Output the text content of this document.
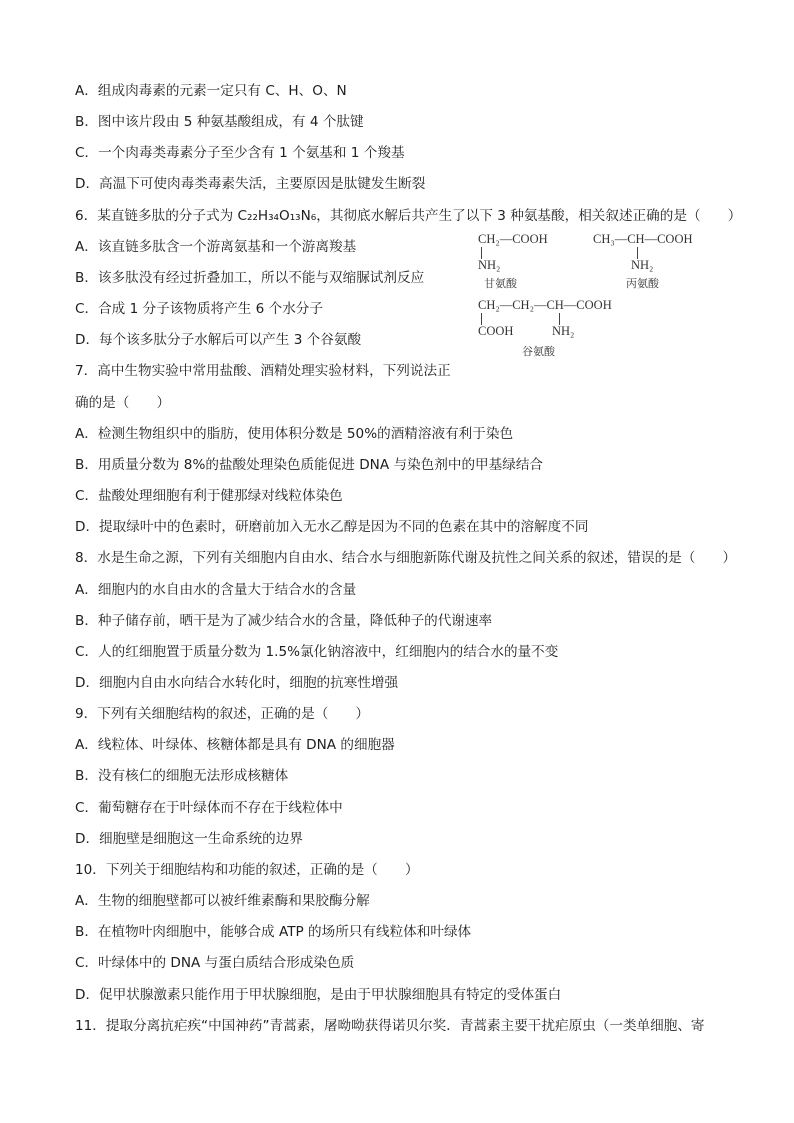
A．组成肉毒素的元素一定只有 C、H、O、N
B．图中该片段由 5 种氨基酸组成，有 4 个肽键
C．一个肉毒类毒素分子至少含有 1 个氨基和 1 个羧基
D．高温下可使肉毒类毒素失活，主要原因是肽键发生断裂
6．某直链多肽的分子式为 C₂₂H₃₄O₁₃N₆，其彻底水解后共产生了以下 3 种氨基酸，相关叙述正确的是（　　）
A．该直链多肽含一个游离氨基和一个游离羧基
B．该多肽没有经过折叠加工，所以不能与双缩脲试剂反应
C．合成 1 分子该物质将产生 6 个水分子
D．每个该多肽分子水解后可以产生 3 个谷氨酸
7．高中生物实验中常用盐酸、酒精处理实验材料，下列说法正
确的是（　　）
A．检测生物组织中的脂肪，使用体积分数是 50%的酒精溶液有利于染色
B．用质量分数为 8%的盐酸处理染色质能促进 DNA 与染色剂中的甲基绿结合
C．盐酸处理细胞有利于健那绿对线粒体染色
D．提取绿叶中的色素时，研磨前加入无水乙醇是因为不同的色素在其中的溶解度不同
8．水是生命之源，下列有关细胞内自由水、结合水与细胞新陈代谢及抗性之间关系的叙述，错误的是（　　）
A．细胞内的水自由水的含量大于结合水的含量
B．种子储存前，晒干是为了减少结合水的含量，降低种子的代谢速率
C．人的红细胞置于质量分数为 1.5%氯化钠溶液中，红细胞内的结合水的量不变
D．细胞内自由水向结合水转化时，细胞的抗寒性增强
9．下列有关细胞结构的叙述，正确的是（　　）
A．线粒体、叶绿体、核糖体都是具有 DNA 的细胞器
B．没有核仁的细胞无法形成核糖体
C．葡萄糖存在于叶绿体而不存在于线粒体中
D．细胞壁是细胞这一生命系统的边界
10．下列关于细胞结构和功能的叙述，正确的是（　　）
A．生物的细胞壁都可以被纤维素酶和果胶酶分解
B．在植物叶肉细胞中，能够合成 ATP 的场所只有线粒体和叶绿体
C．叶绿体中的 DNA 与蛋白质结合形成染色质
D．促甲状腺激素只能作用于甲状腺细胞，是由于甲状腺细胞具有特定的受体蛋白
11．提取分离抗疟疾“中国神药”青蒿素，屠呦呦获得诺贝尔奖．青蒿素主要干扰疟原虫（一类单细胞、寄
CH₂—COOH
NH₂
甘氨酸
CH₃—CH—COOH
NH₂
丙氨酸
CH₂—CH₂—CH—COOH
COOH	NH₂
谷氨酸
